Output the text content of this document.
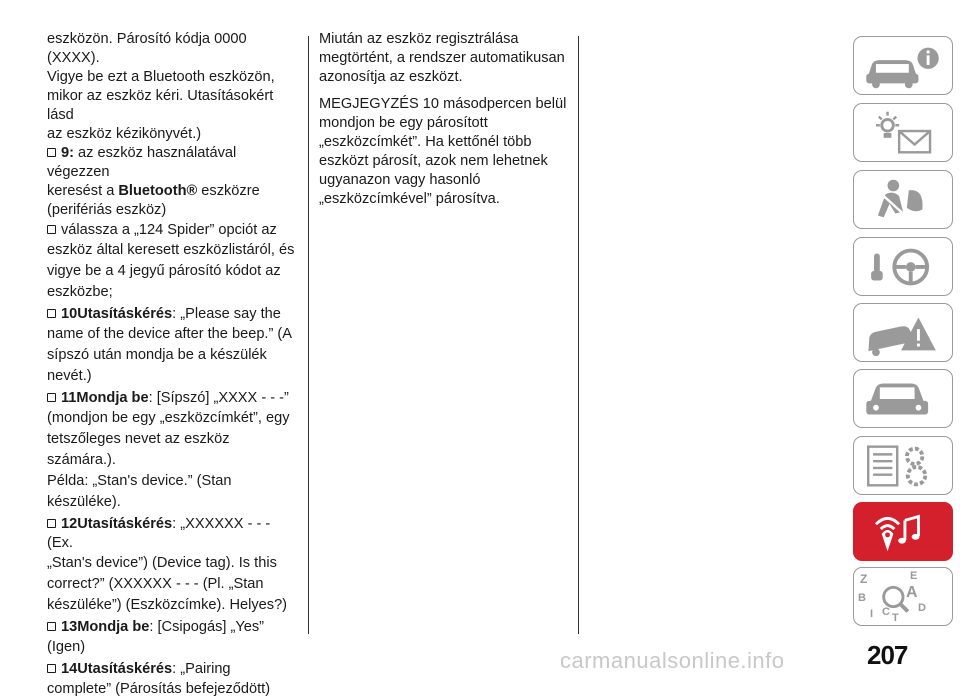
eszközön. Párosító kódja 0000 (XXXX).
Vigye be ezt a Bluetooth eszközön,
mikor az eszköz kéri. Utasításokért lásd
az eszköz kézikönyvét.)
9: az eszköz használatával végezzen
keresést a Bluetooth® eszközre
(perifériás eszköz)
válassza a „124 Spider” opciót az
eszköz által keresett eszközlistáról, és
vigye be a 4 jegyű párosító kódot az
eszközbe;
10Utasításkérés: „Please say the
name of the device after the beep.” (A
sípszó után mondja be a készülék
nevét.)
11Mondja be: [Sípszó] „XXXX - - -”
(mondjon be egy „eszközcímkét”, egy
tetszőleges nevet az eszköz számára.).
Példa: „Stan's device.” (Stan
készüléke).
12Utasításkérés: „XXXXXX - - - (Ex.
„Stan's device”) (Device tag). Is this
correct?” (XXXXXX - - - (Pl. „Stan
készüléke”) (Eszközcímke). Helyes?)
13Mondja be: [Csipogás] „Yes”
(Igen)
14Utasításkérés: „Pairing
complete” (Párosítás befejeződött)
Miután az eszköz regisztrálása
megtörtént, a rendszer automatikusan
azonosítja az eszközt.
MEGJEGYZÉS 10 másodpercen belül
mondjon be egy párosított
„eszközcímkét”. Ha kettőnél több
eszközt párosít, azok nem lehetnek
ugyanazon vagy hasonló
„eszközcímkével” párosítva.
Z	E
B	A
C	D
T
I
carmanualsonline.info	207
